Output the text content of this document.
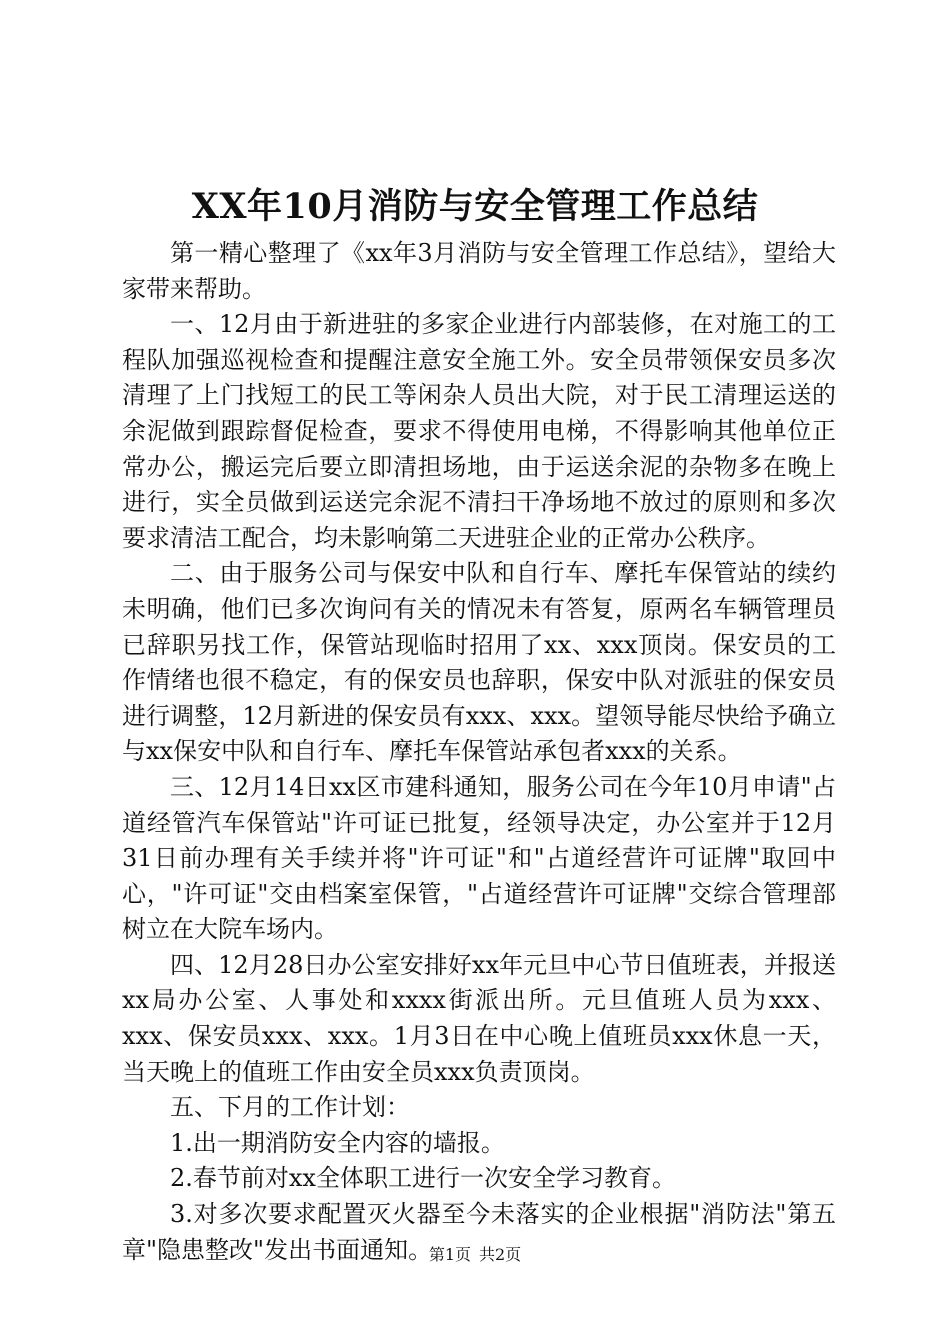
XX年10月消防与安全管理工作总结

第一精心整理了《xx年3月消防与安全管理工作总结》，望给大家带来帮助。

一、12月由于新进驻的多家企业进行内部装修，在对施工的工程队加强巡视检查和提醒注意安全施工外。安全员带领保安员多次清理了上门找短工的民工等闲杂人员出大院，对于民工清理运送的余泥做到跟踪督促检查，要求不得使用电梯，不得影响其他单位正常办公，搬运完后要立即清担场地，由于运送余泥的杂物多在晚上进行，实全员做到运送完余泥不清扫干净场地不放过的原则和多次要求清洁工配合，均未影响第二天进驻企业的正常办公秩序。

二、由于服务公司与保安中队和自行车、摩托车保管站的续约未明确，他们已多次询问有关的情况未有答复，原两名车辆管理员已辞职另找工作，保管站现临时招用了xx、xxx顶岗。保安员的工作情绪也很不稳定，有的保安员也辞职，保安中队对派驻的保安员进行调整，12月新进的保安员有xxx、xxx。望领导能尽快给予确立与xx保安中队和自行车、摩托车保管站承包者xxx的关系。

三、12月14日xx区市建科通知，服务公司在今年10月申请"占道经管汽车保管站"许可证已批复，经领导决定，办公室并于12月31日前办理有关手续并将"许可证"和"占道经营许可证牌"取回中心，"许可证"交由档案室保管，"占道经营许可证牌"交综合管理部树立在大院车场内。

四、12月28日办公室安排好xx年元旦中心节日值班表，并报送xx局办公室、人事处和xxxx街派出所。元旦值班人员为xxx、xxx、保安员xxx、xxx。1月3日在中心晚上值班员xxx休息一天，当天晚上的值班工作由安全员xxx负责顶岗。

五、下月的工作计划：

1.出一期消防安全内容的墙报。

2.春节前对xx全体职工进行一次安全学习教育。

3.对多次要求配置灭火器至今未落实的企业根据"消防法"第五章"隐患整改"发出书面通知。

第1页 共2页
